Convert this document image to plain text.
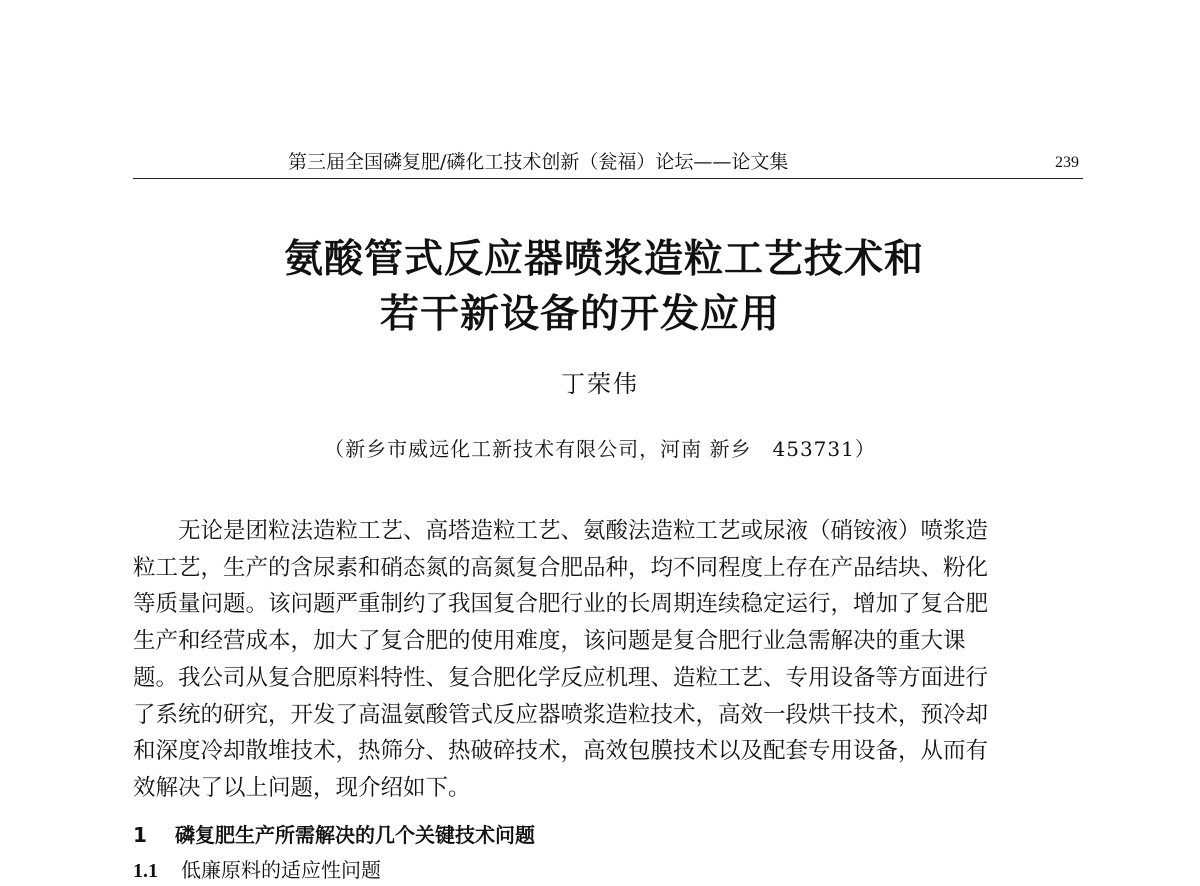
第三届全国磷复肥/磷化工技术创新（瓮福）论坛——论文集	239
氨酸管式反应器喷浆造粒工艺技术和
若干新设备的开发应用
丁荣伟
（新乡市威远化工新技术有限公司，河南 新乡　453731）
无论是团粒法造粒工艺、高塔造粒工艺、氨酸法造粒工艺或尿液（硝铵液）喷浆造
粒工艺，生产的含尿素和硝态氮的高氮复合肥品种，均不同程度上存在产品结块、粉化
等质量问题。该问题严重制约了我国复合肥行业的长周期连续稳定运行，增加了复合肥
生产和经营成本，加大了复合肥的使用难度，该问题是复合肥行业急需解决的重大课
题。我公司从复合肥原料特性、复合肥化学反应机理、造粒工艺、专用设备等方面进行
了系统的研究，开发了高温氨酸管式反应器喷浆造粒技术，高效一段烘干技术，预冷却
和深度冷却散堆技术，热筛分、热破碎技术，高效包膜技术以及配套专用设备，从而有
效解决了以上问题，现介绍如下。
1 磷复肥生产所需解决的几个关键技术问题
1.1 低廉原料的适应性问题
